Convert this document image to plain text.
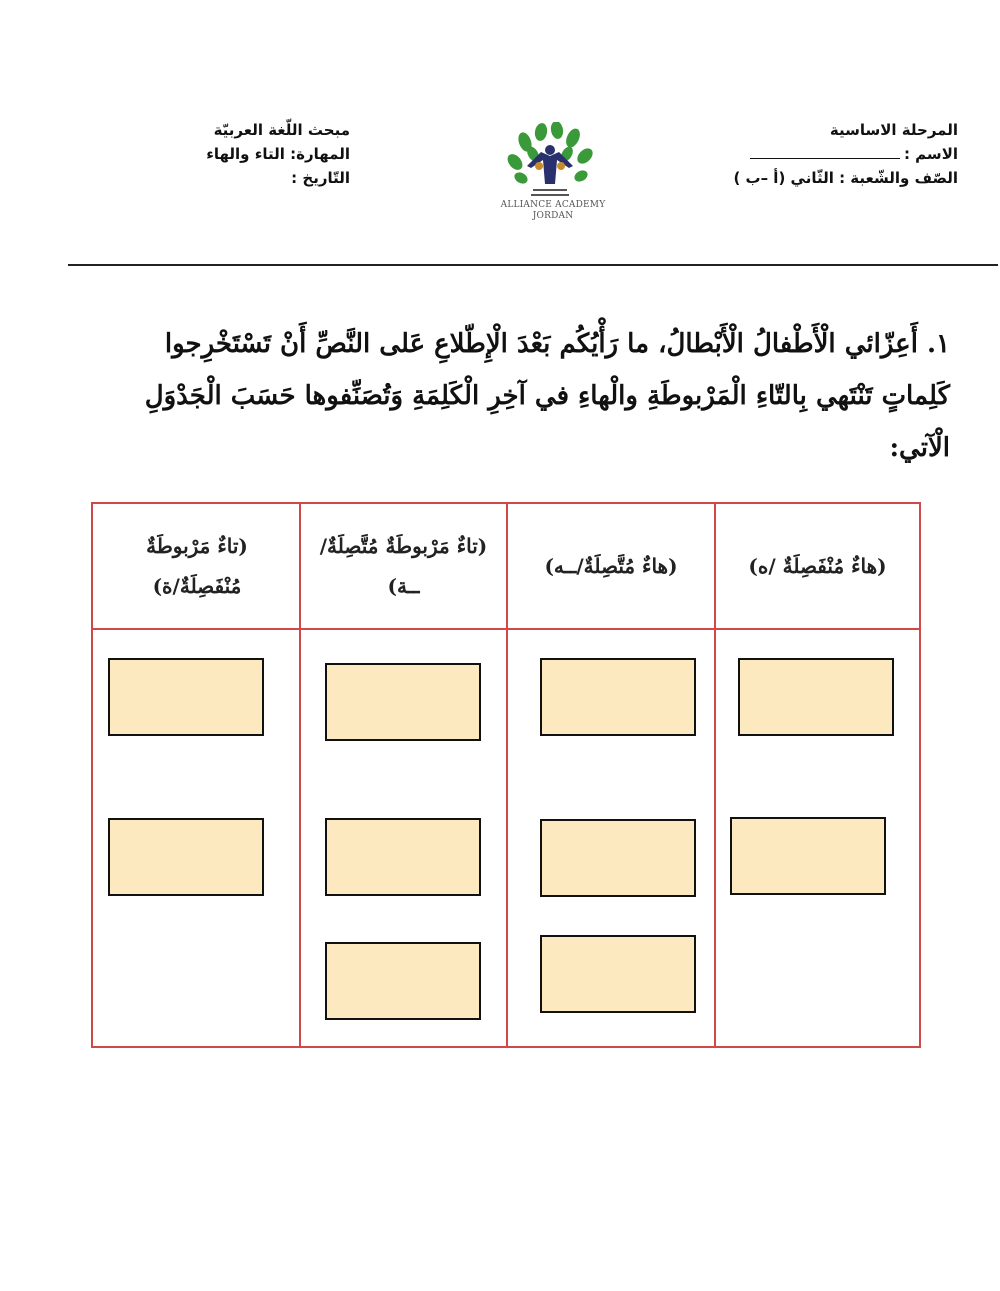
المرحلة الاساسية
الاسم :
الصّف والشّعبة : الثّاني (أ –ب )
مبحث اللّغة العربيّة
المهارة: التاء والهاء
التّاريخ :
ALLIANCE ACADEMY
JORDAN
١. أَعِزّائي الْأَطْفالُ الْأَبْطالُ، ما رَأْيُكُم بَعْدَ الْإِطّلاعِ عَلى النَّصِّ أَنْ تَسْتَخْرِجوا كَلِماتٍ تَنْتَهي بِالتّاءِ الْمَرْبوطَةِ والْهاءِ في آخِرِ الْكَلِمَةِ وَتُصَنِّفوها حَسَبَ الْجَدْوَلِ الْآتي:
(هاءٌ مُنْفَصِلَةٌ /ه)
(هاءٌ مُتَّصِلَةٌ/ــه)
(تاءٌ مَرْبوطَةٌ مُتَّصِلَةٌ/ــة)
(تاءٌ مَرْبوطَةٌ مُنْفَصِلَةٌ/ة)
